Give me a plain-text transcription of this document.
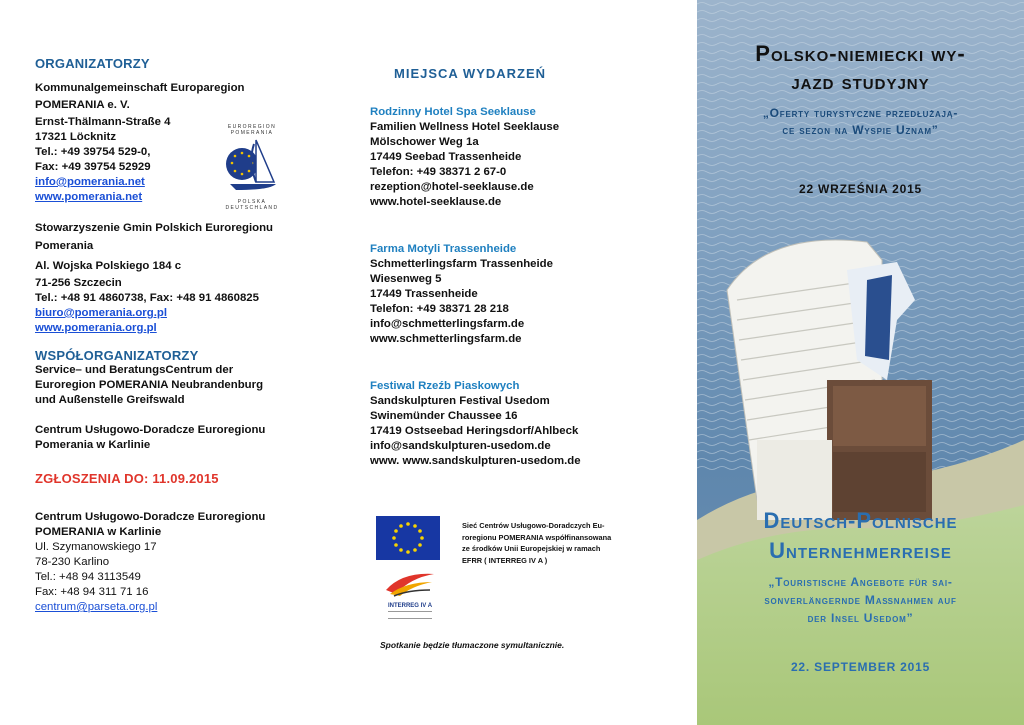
ORGANIZATORZY
Kommunalgemeinschaft Europaregion
POMERANIA e. V.
Ernst-Thälmann-Straße 4
17321 Löcknitz
Tel.: +49 39754 529-0,
Fax: +49 39754 52929
info@pomerania.net
www.pomerania.net
Stowarzyszenie Gmin Polskich Euroregionu
Pomerania
Al. Wojska Polskiego 184 c
71-256 Szczecin
Tel.: +48 91 4860738, Fax: +48 91 4860825
biuro@pomerania.org.pl
www.pomerania.org.pl
WSPÓŁORGANIZATORZY
Service– und BeratungsCentrum der
Euroregion POMERANIA Neubrandenburg
und Außenstelle Greifswald
Centrum Usługowo-Doradcze Euroregionu
Pomerania w Karlinie
ZGŁOSZENIA DO: 11.09.2015
Centrum Usługowo-Doradcze Euroregionu
POMERANIA w Karlinie
Ul. Szymanowskiego 17
78-230 Karlino
Tel.: +48 94 3113549
Fax: +48 94 311 71 16
centrum@parseta.org.pl
EUROREGION
POMERANIA
POLSKA
DEUTSCHLAND
MIEJSCA WYDARZEŃ
Rodzinny Hotel Spa Seeklause
Familien Wellness Hotel Seeklause
Mölschower Weg 1a
17449 Seebad Trassenheide
Telefon: +49 38371 2 67-0
rezeption@hotel-seeklause.de
www.hotel-seeklause.de
Farma Motyli Trassenheide
Schmetterlingsfarm Trassenheide
Wiesenweg 5
17449 Trassenheide
Telefon: +49 38371 28 218
info@schmetterlingsfarm.de
www.schmetterlingsfarm.de
Festiwal Rzeźb Piaskowych
Sandskulpturen Festival Usedom
Swinemünder Chaussee 16
17419 Ostseebad Heringsdorf/Ahlbeck
info@sandskulpturen-usedom.de
www. www.sandskulpturen-usedom.de
Sieć Centrów Usługowo-Doradczych Eu-
roregionu POMERANIA współfinansowana
ze środków Unii Europejskiej w ramach
EFRR ( INTERREG IV A )
INTERREG IV A
Spotkanie będzie tłumaczone symultanicznie.
Polsko-niemiecki wy-
jazd studyjny
„Oferty turystyczne przedłużają-
ce sezon na Wyspie Uznam”
22 WRZEŚNIA 2015
Deutsch-Polnische
Unternehmerreise
„Touristische Angebote für sai-
sonverlängernde Maßnahmen auf
der Insel Usedom”
22. SEPTEMBER 2015
